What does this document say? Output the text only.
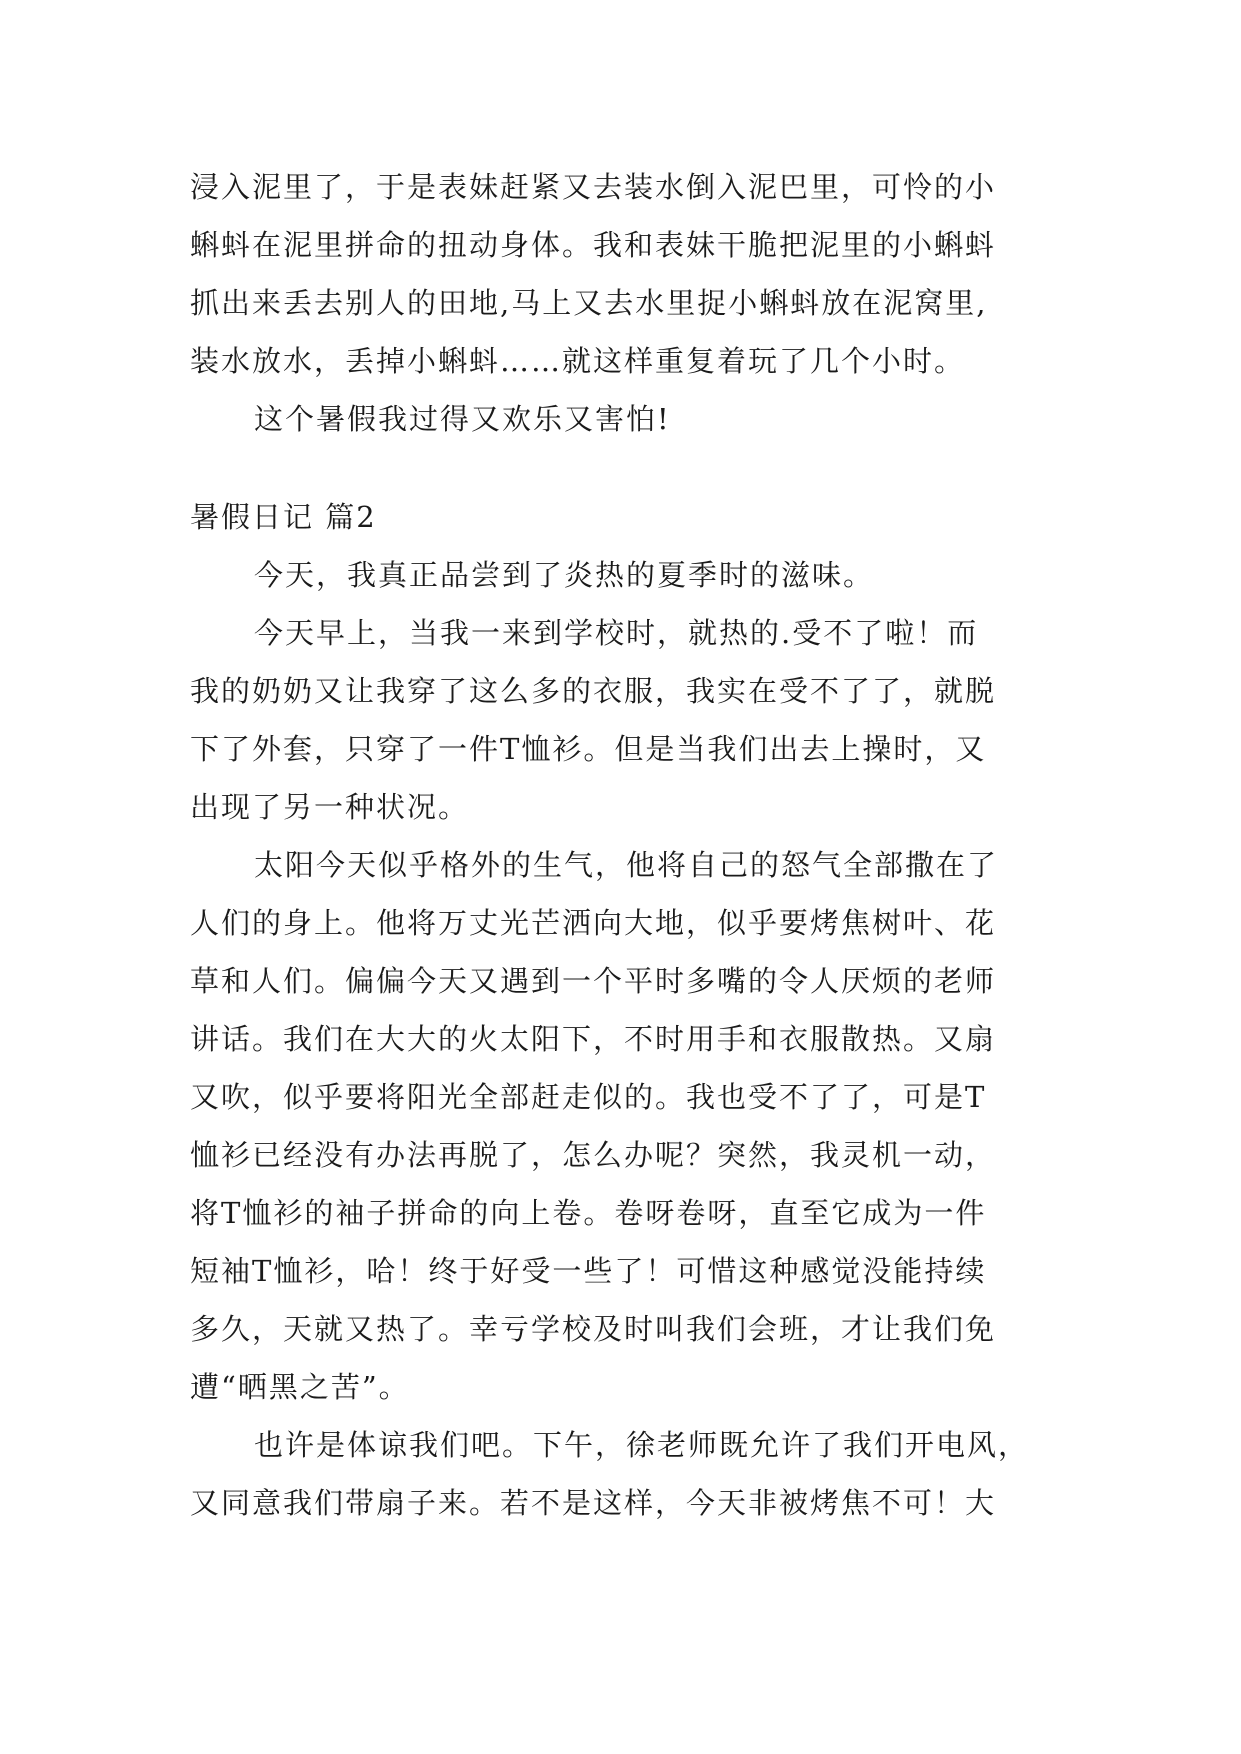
浸入泥里了，于是表妹赶紧又去装水倒入泥巴里，可怜的小
蝌蚪在泥里拼命的扭动身体。我和表妹干脆把泥里的小蝌蚪
抓出来丢去别人的田地,马上又去水里捉小蝌蚪放在泥窝里,
装水放水，丢掉小蝌蚪……就这样重复着玩了几个小时。
这个暑假我过得又欢乐又害怕!
暑假日记 篇2
今天，我真正品尝到了炎热的夏季时的滋味。
今天早上，当我一来到学校时，就热的.受不了啦！而
我的奶奶又让我穿了这么多的衣服，我实在受不了了，就脱
下了外套，只穿了一件T恤衫。但是当我们出去上操时，又
出现了另一种状况。
太阳今天似乎格外的生气，他将自己的怒气全部撒在了
人们的身上。他将万丈光芒洒向大地，似乎要烤焦树叶、花
草和人们。偏偏今天又遇到一个平时多嘴的令人厌烦的老师
讲话。我们在大大的火太阳下，不时用手和衣服散热。又扇
又吹，似乎要将阳光全部赶走似的。我也受不了了，可是T
恤衫已经没有办法再脱了，怎么办呢？突然，我灵机一动，
将T恤衫的袖子拼命的向上卷。卷呀卷呀，直至它成为一件
短袖T恤衫，哈！终于好受一些了！可惜这种感觉没能持续
多久，天就又热了。幸亏学校及时叫我们会班，才让我们免
遭“晒黑之苦”。
也许是体谅我们吧。下午，徐老师既允许了我们开电风，
又同意我们带扇子来。若不是这样，今天非被烤焦不可！大
